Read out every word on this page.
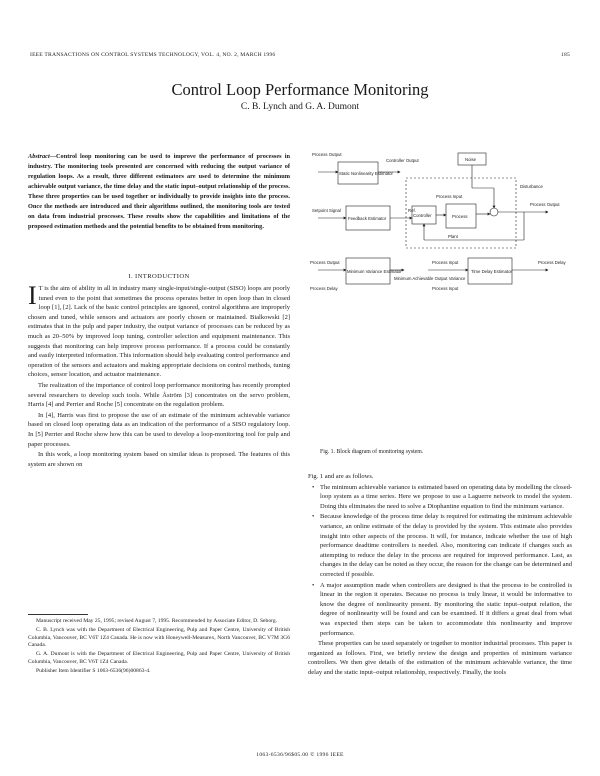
IEEE TRANSACTIONS ON CONTROL SYSTEMS TECHNOLOGY, VOL. 4, NO. 2, MARCH 1996	185
Control Loop Performance Monitoring
C. B. Lynch and G. A. Dumont
Abstract—Control loop monitoring can be used to improve the performance of processes in industry. The monitoring tools presented are concerned with reducing the output variance of regulation loops. As a result, three different estimators are used to determine the minimum achievable output variance, the time delay and the static input–output relationship of the process. These three properties can be used together or individually to provide insights into the process. Once the methods are introduced and their algorithms outlined, the monitoring tools are tested on data from industrial processes. These results show the capabilities and limitations of the proposed estimation methods and the potential benefits to be obtained from monitoring.
I. INTRODUCTION

I T is the aim of ability in all in industry many single-input/single-output (SISO) loops are poorly tuned even to the point that sometimes the process operates better in open loop than in closed loop [1], [2]. Lack of the basic control principles are ignored, control algorithms are improperly chosen and tuned, while sensors and actuators are poorly chosen or maintained. Bialkowski [2] estimates that in the pulp and paper industry, the output variance of processes can be reduced by as much as 20–50% by improved loop tuning, controller selection and equipment maintenance. This suggests that monitoring can help improve process performance. If a process could be constantly and easily interpreted information. This information should help evaluating control performance and operation of the sensors and actuators and making appropriate decisions on control methods, tuning choices, sensor location, and actuator maintenance.

The realization of the importance of control loop performance monitoring has recently prompted several researchers to develop such tools. While Åström [3] concentrates on the servo problem, Harris [4] and Perrier and Roche [5] concentrate on the regulation problem.

In [4], Harris was first to propose the use of an estimate of the minimum achievable variance based on closed loop operating data as an indication of the performance of a SISO regulatory loop. In [5] Perrier and Roche show how this can be used to develop a loop-monitoring tool for pulp and paper processes.

In this work, a loop monitoring system based on similar ideas is proposed. The features of this system are shown on

Manuscript received May 25, 1995; revised August 7, 1995. Recommended by Associate Editor, D. Seborg.

C. B. Lynch was with the Department of Electrical Engineering, Pulp and Paper Centre, University of British Columbia, Vancouver, BC V6T 1Z4 Canada. He is now with Honeywell-Measurex, North Vancouver, BC V7M 3G6 Canada.

G. A. Dumont is with the Department of Electrical Engineering, Pulp and Paper Centre, University of British Columbia, Vancouver, BC V6T 1Z4 Canada.

Publisher Item Identifier S 1063-6536(96)00863-4.

Process Output
Static Nonlinearity Estimator
Controller Output	Noise
Disturbance
Process Input
Setpoint Signal
Feedback Estimator
Controller	Process
Process Output
Plant
Ref.
Process Output
Minimum Variance Estimator
Minimum Achievable Output Variance
Time Delay Estimator
Process Delay
Process Input
Process Delay	Process Input
Fig. 1. Block diagram of monitoring system.

Fig. 1 and are as follows.

• The minimum achievable variance is estimated based on operating data by modelling the closed-loop system as a time series. Here we propose to use a Laguerre network to model the system. Doing this eliminates the need to solve a Diophantine equation to find the minimum variance.
• Because knowledge of the process time delay is required for estimating the minimum achievable variance, an online estimate of the delay is provided by the system. This estimate also provides insight into other aspects of the process. It will, for instance, indicate whether the use of high performance deadtime controllers is needed. Also, monitoring can indicate if changes such as attempting to reduce the delay in the process are required for improved performance. Last, as changes in the delay can be noted as they occur, the reason for the change can be determined and corrected if possible.
• A major assumption made when controllers are designed is that the process to be controlled is linear in the region it operates. Because no process is truly linear, it would be informative to know the degree of nonlinearity present. By monitoring the static input–output relation, the degree of nonlinearity will be found and can be examined. If it differs a great deal from what was expected then steps can be taken to accommodate this nonlinearity and improve performance.

These properties can be used separately or together to monitor industrial processes. This paper is organized as follows. First, we briefly review the design and properties of minimum variance controllers. We then give details of the estimation of the minimum achievable variance, the time delay and the static input–output relationship, respectively. Finally, the tools

1063-6536/96$05.00 © 1996 IEEE
